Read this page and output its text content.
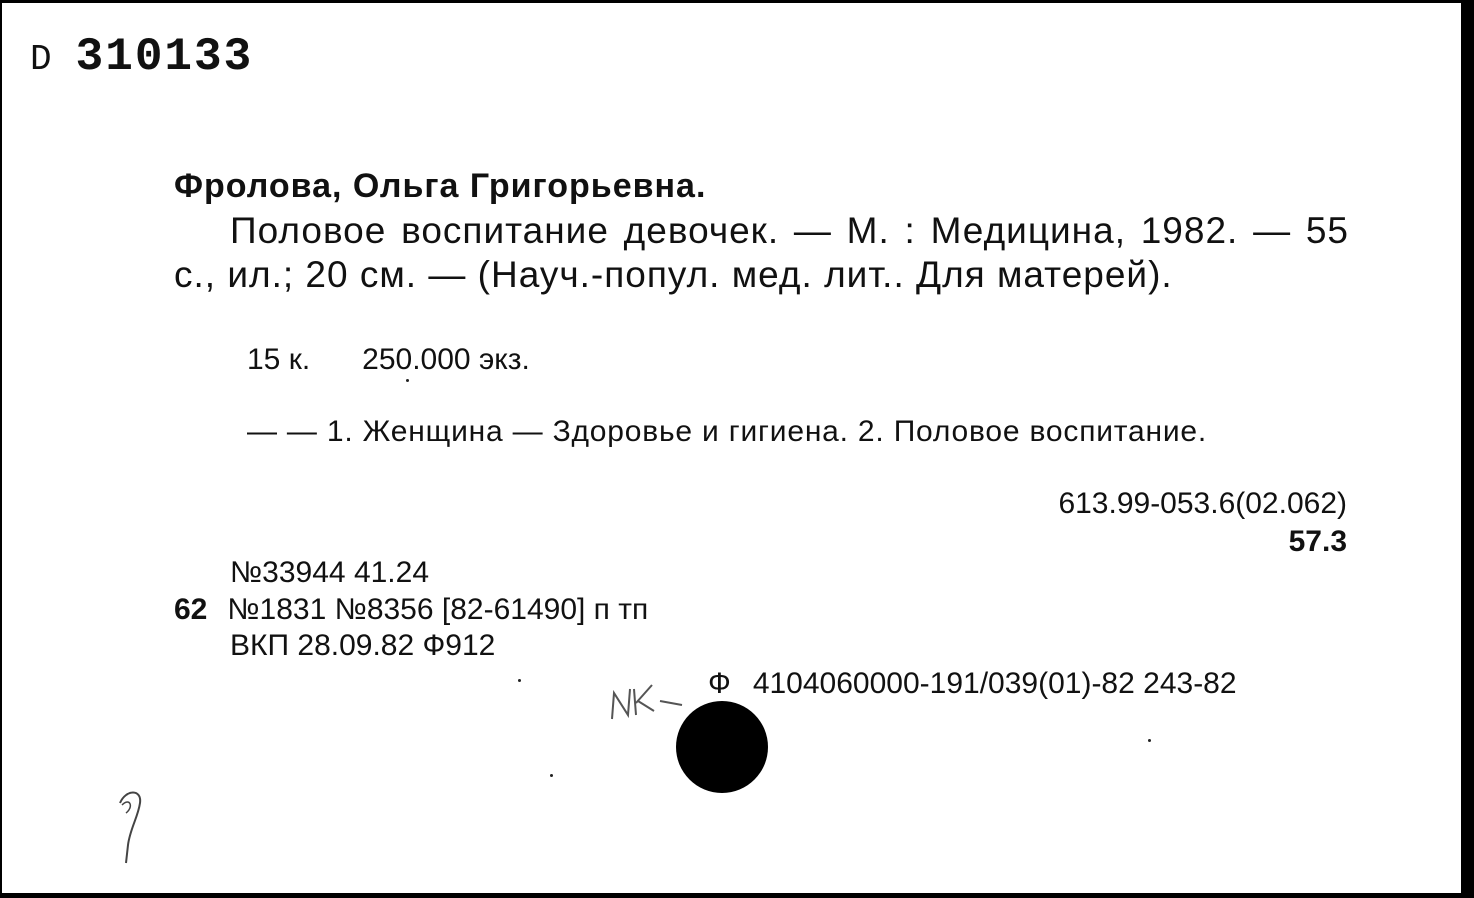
D 310133
Фролова, Ольга Григорьевна.
Половое воспитание девочек. — М. : Медицина, 1982. — 55 с., ил.; 20 см. — (Науч.-попул. мед. лит.. Для матерей).
15 к. 250.000 экз.
— — 1. Женщина — Здоровье и гигиена. 2. Половое воспитание.
613.99-053.6(02.062)
57.3
№33944 41.24
62 №1831 №8356 [82-61490] п тп
ВКП 28.09.82 Ф912
Ф 4104060000-191/039(01)-82 243-82
